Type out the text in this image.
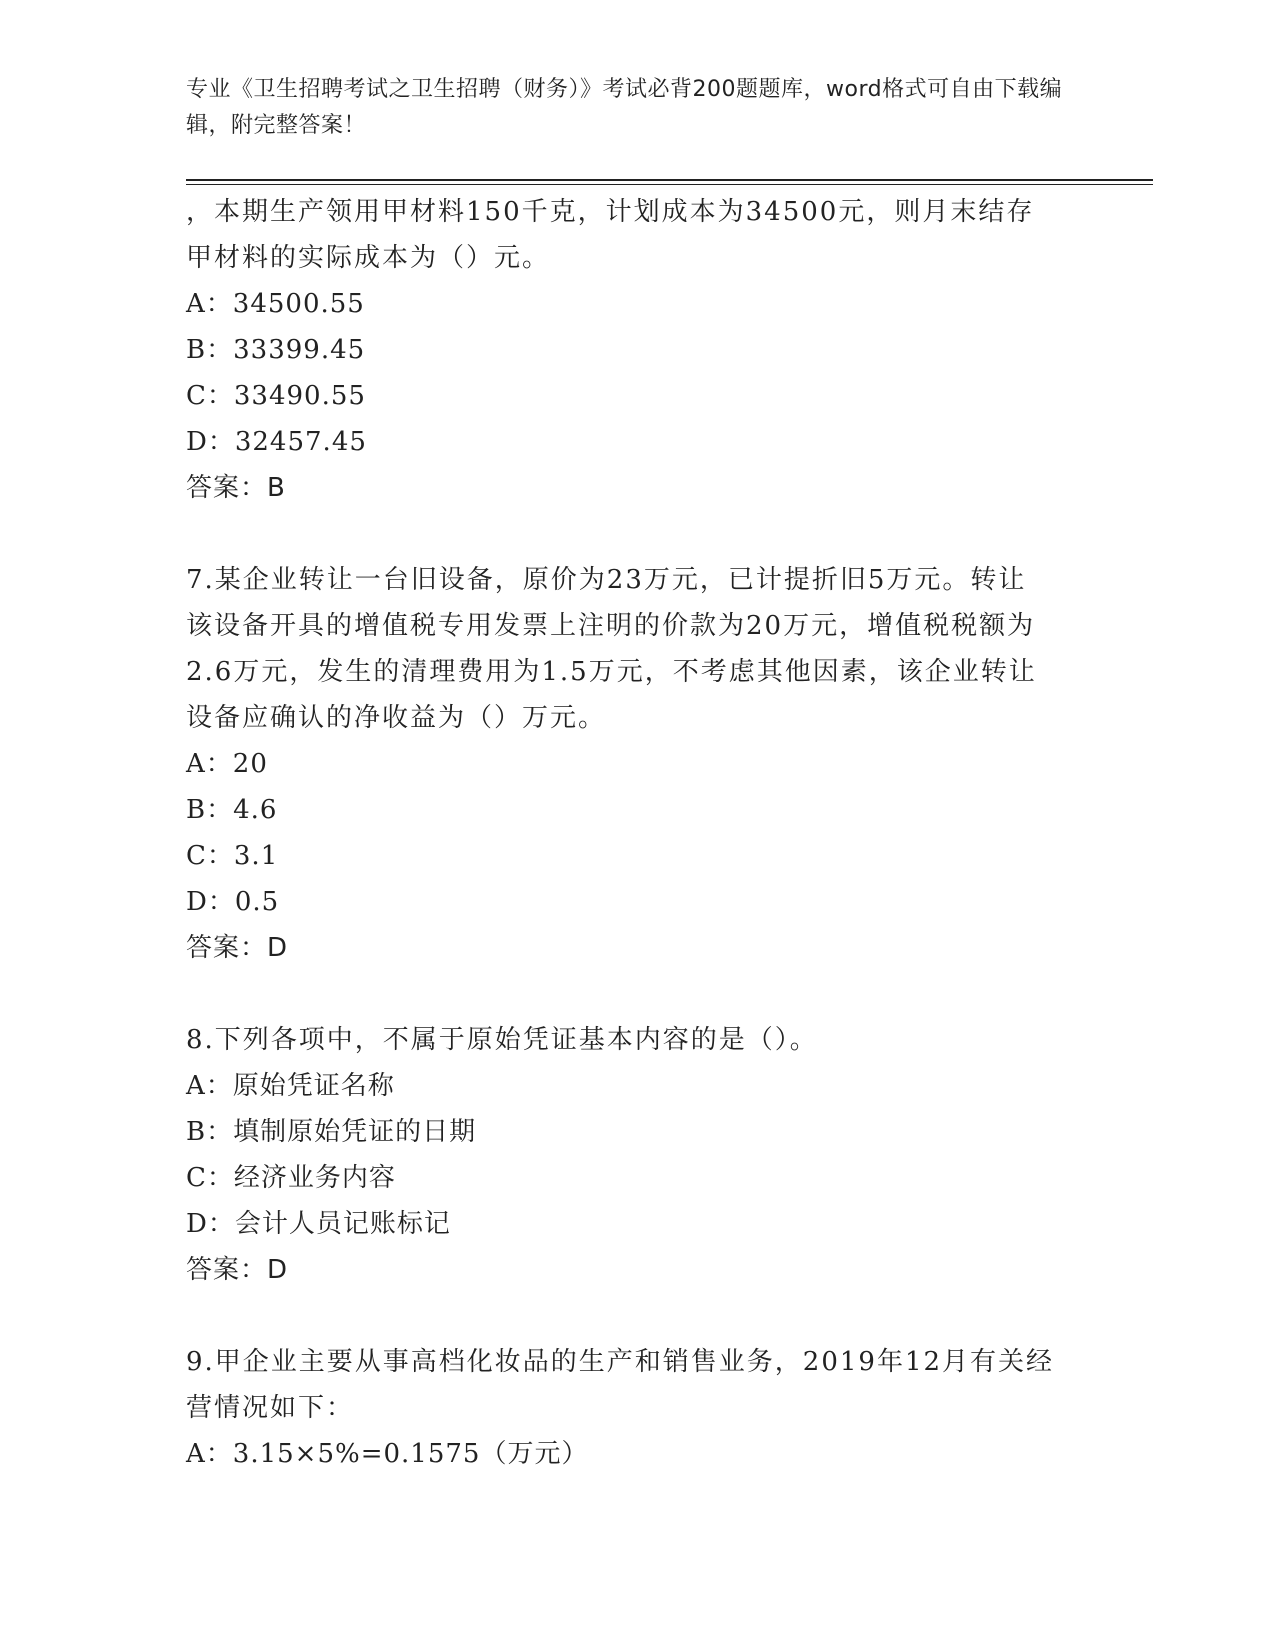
专业《卫生招聘考试之卫生招聘（财务）》考试必背200题题库，word格式可自由下载编辑，附完整答案！

，本期生产领用甲材料150千克，计划成本为34500元，则月末结存

甲材料的实际成本为（）元。

A：34500.55

B：33399.45

C：33490.55

D：32457.45

答案：B

7.某企业转让一台旧设备，原价为23万元，已计提折旧5万元。转让

该设备开具的增值税专用发票上注明的价款为20万元，增值税税额为

2.6万元，发生的清理费用为1.5万元，不考虑其他因素，该企业转让

设备应确认的净收益为（）万元。

A：20

B：4.6

C：3.1

D：0.5

答案：D

8.下列各项中，不属于原始凭证基本内容的是（）。

A：原始凭证名称

B：填制原始凭证的日期

C：经济业务内容

D：会计人员记账标记

答案：D

9.甲企业主要从事高档化妆品的生产和销售业务，2019年12月有关经

营情况如下：

A：3.15×5%=0.1575（万元）
